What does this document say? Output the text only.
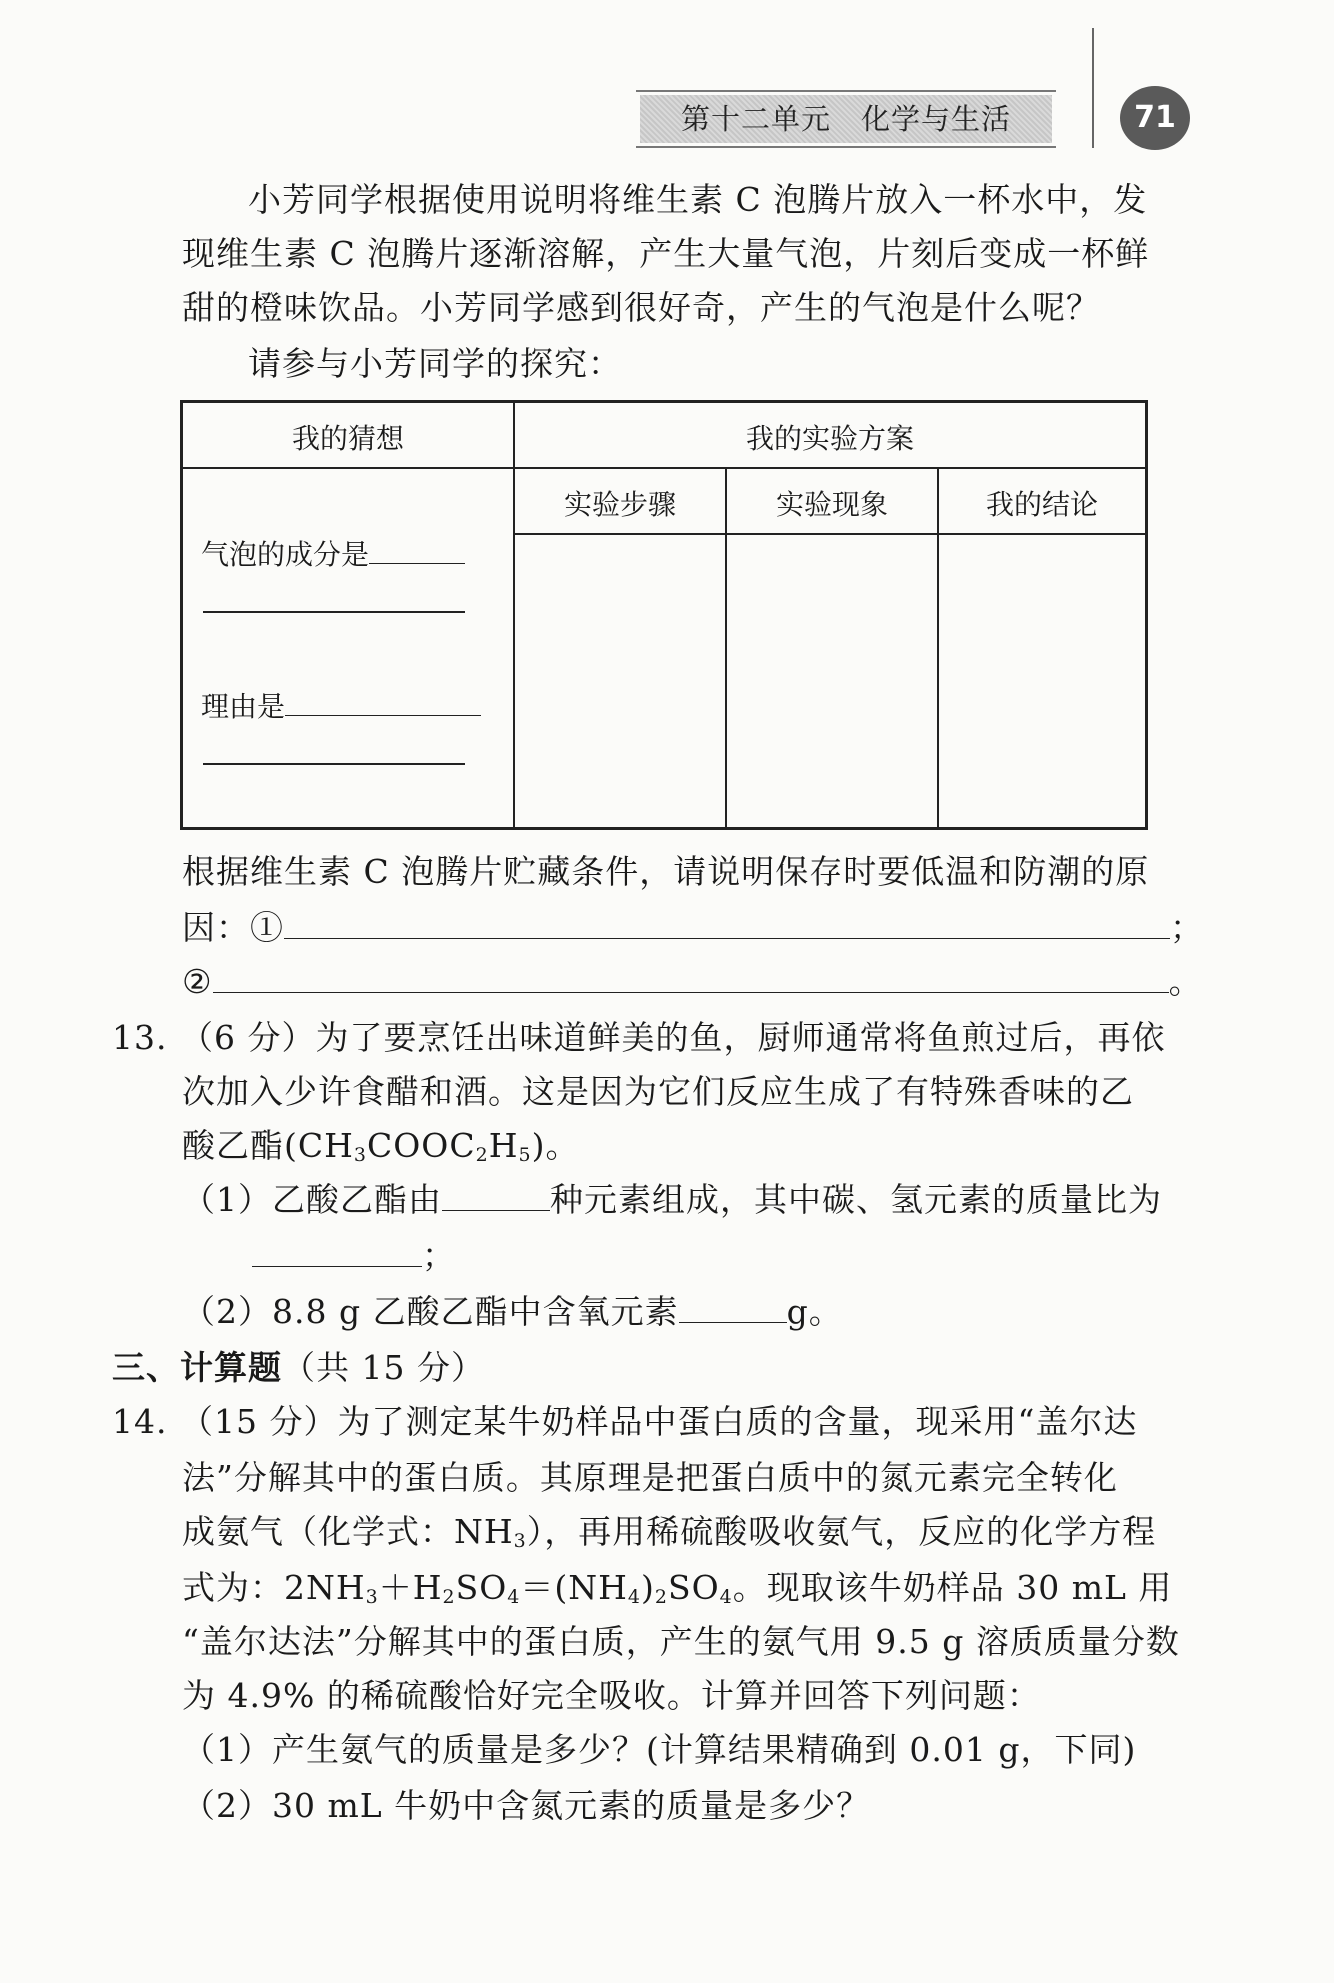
第十二单元　化学与生活	71
小芳同学根据使用说明将维生素 C 泡腾片放入一杯水中，发
现维生素 C 泡腾片逐渐溶解，产生大量气泡，片刻后变成一杯鲜
甜的橙味饮品。小芳同学感到很好奇，产生的气泡是什么呢？
请参与小芳同学的探究：
我的猜想	我的实验方案
实验步骤	实验现象	我的结论
气泡的成分是
理由是
根据维生素 C 泡腾片贮藏条件，请说明保存时要低温和防潮的原
因：①	；
②	。
13. （6 分）为了要烹饪出味道鲜美的鱼，厨师通常将鱼煎过后，再依
次加入少许食醋和酒。这是因为它们反应生成了有特殊香味的乙
酸乙酯$(CH_3COOC_2H_5)$。
（1）乙酸乙酯由	种元素组成，其中碳、氢元素的质量比为
；
（2）8.8 g 乙酸乙酯中含氧元素	g。
三、计算题（共 15 分）
14. （15 分）为了测定某牛奶样品中蛋白质的含量，现采用“盖尔达
法”分解其中的蛋白质。其原理是把蛋白质中的氮元素完全转化
成氨气（化学式：$NH_3$），再用稀硫酸吸收氨气，反应的化学方程
式为：$2NH_3+H_2SO_4=(NH_4)_2SO_4$。现取该牛奶样品 30 mL 用
“盖尔达法”分解其中的蛋白质，产生的氨气用 9.5 g 溶质质量分数
为 4.9% 的稀硫酸恰好完全吸收。计算并回答下列问题：
（1）产生氨气的质量是多少？(计算结果精确到 0.01 g，下同)
（2）30 mL 牛奶中含氮元素的质量是多少？
